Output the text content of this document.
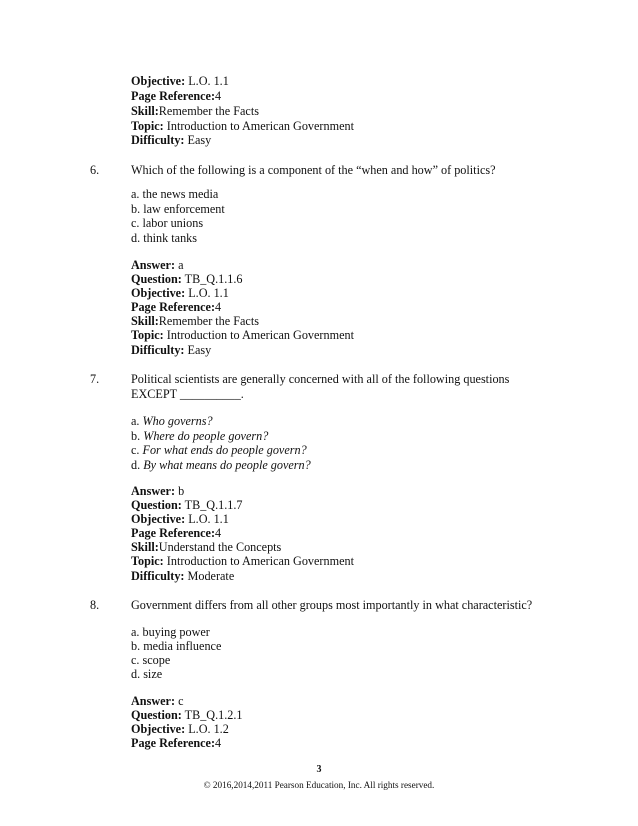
Objective: L.O. 1.1
Page Reference:4
Skill:Remember the Facts
Topic: Introduction to American Government
Difficulty: Easy
6.	Which of the following is a component of the “when and how” of politics?
a. the news media
b. law enforcement
c. labor unions
d. think tanks
Answer: a
Question: TB_Q.1.1.6
Objective: L.O. 1.1
Page Reference:4
Skill:Remember the Facts
Topic: Introduction to American Government
Difficulty: Easy
7.	Political scientists are generally concerned with all of the following questions
EXCEPT __________.
a. Who governs?
b. Where do people govern?
c. For what ends do people govern?
d. By what means do people govern?
Answer: b
Question: TB_Q.1.1.7
Objective: L.O. 1.1
Page Reference:4
Skill:Understand the Concepts
Topic: Introduction to American Government
Difficulty: Moderate
8.	Government differs from all other groups most importantly in what characteristic?
a. buying power
b. media influence
c. scope
d. size
Answer: c
Question: TB_Q.1.2.1
Objective: L.O. 1.2
Page Reference:4
3
© 2016,2014,2011 Pearson Education, Inc. All rights reserved.
